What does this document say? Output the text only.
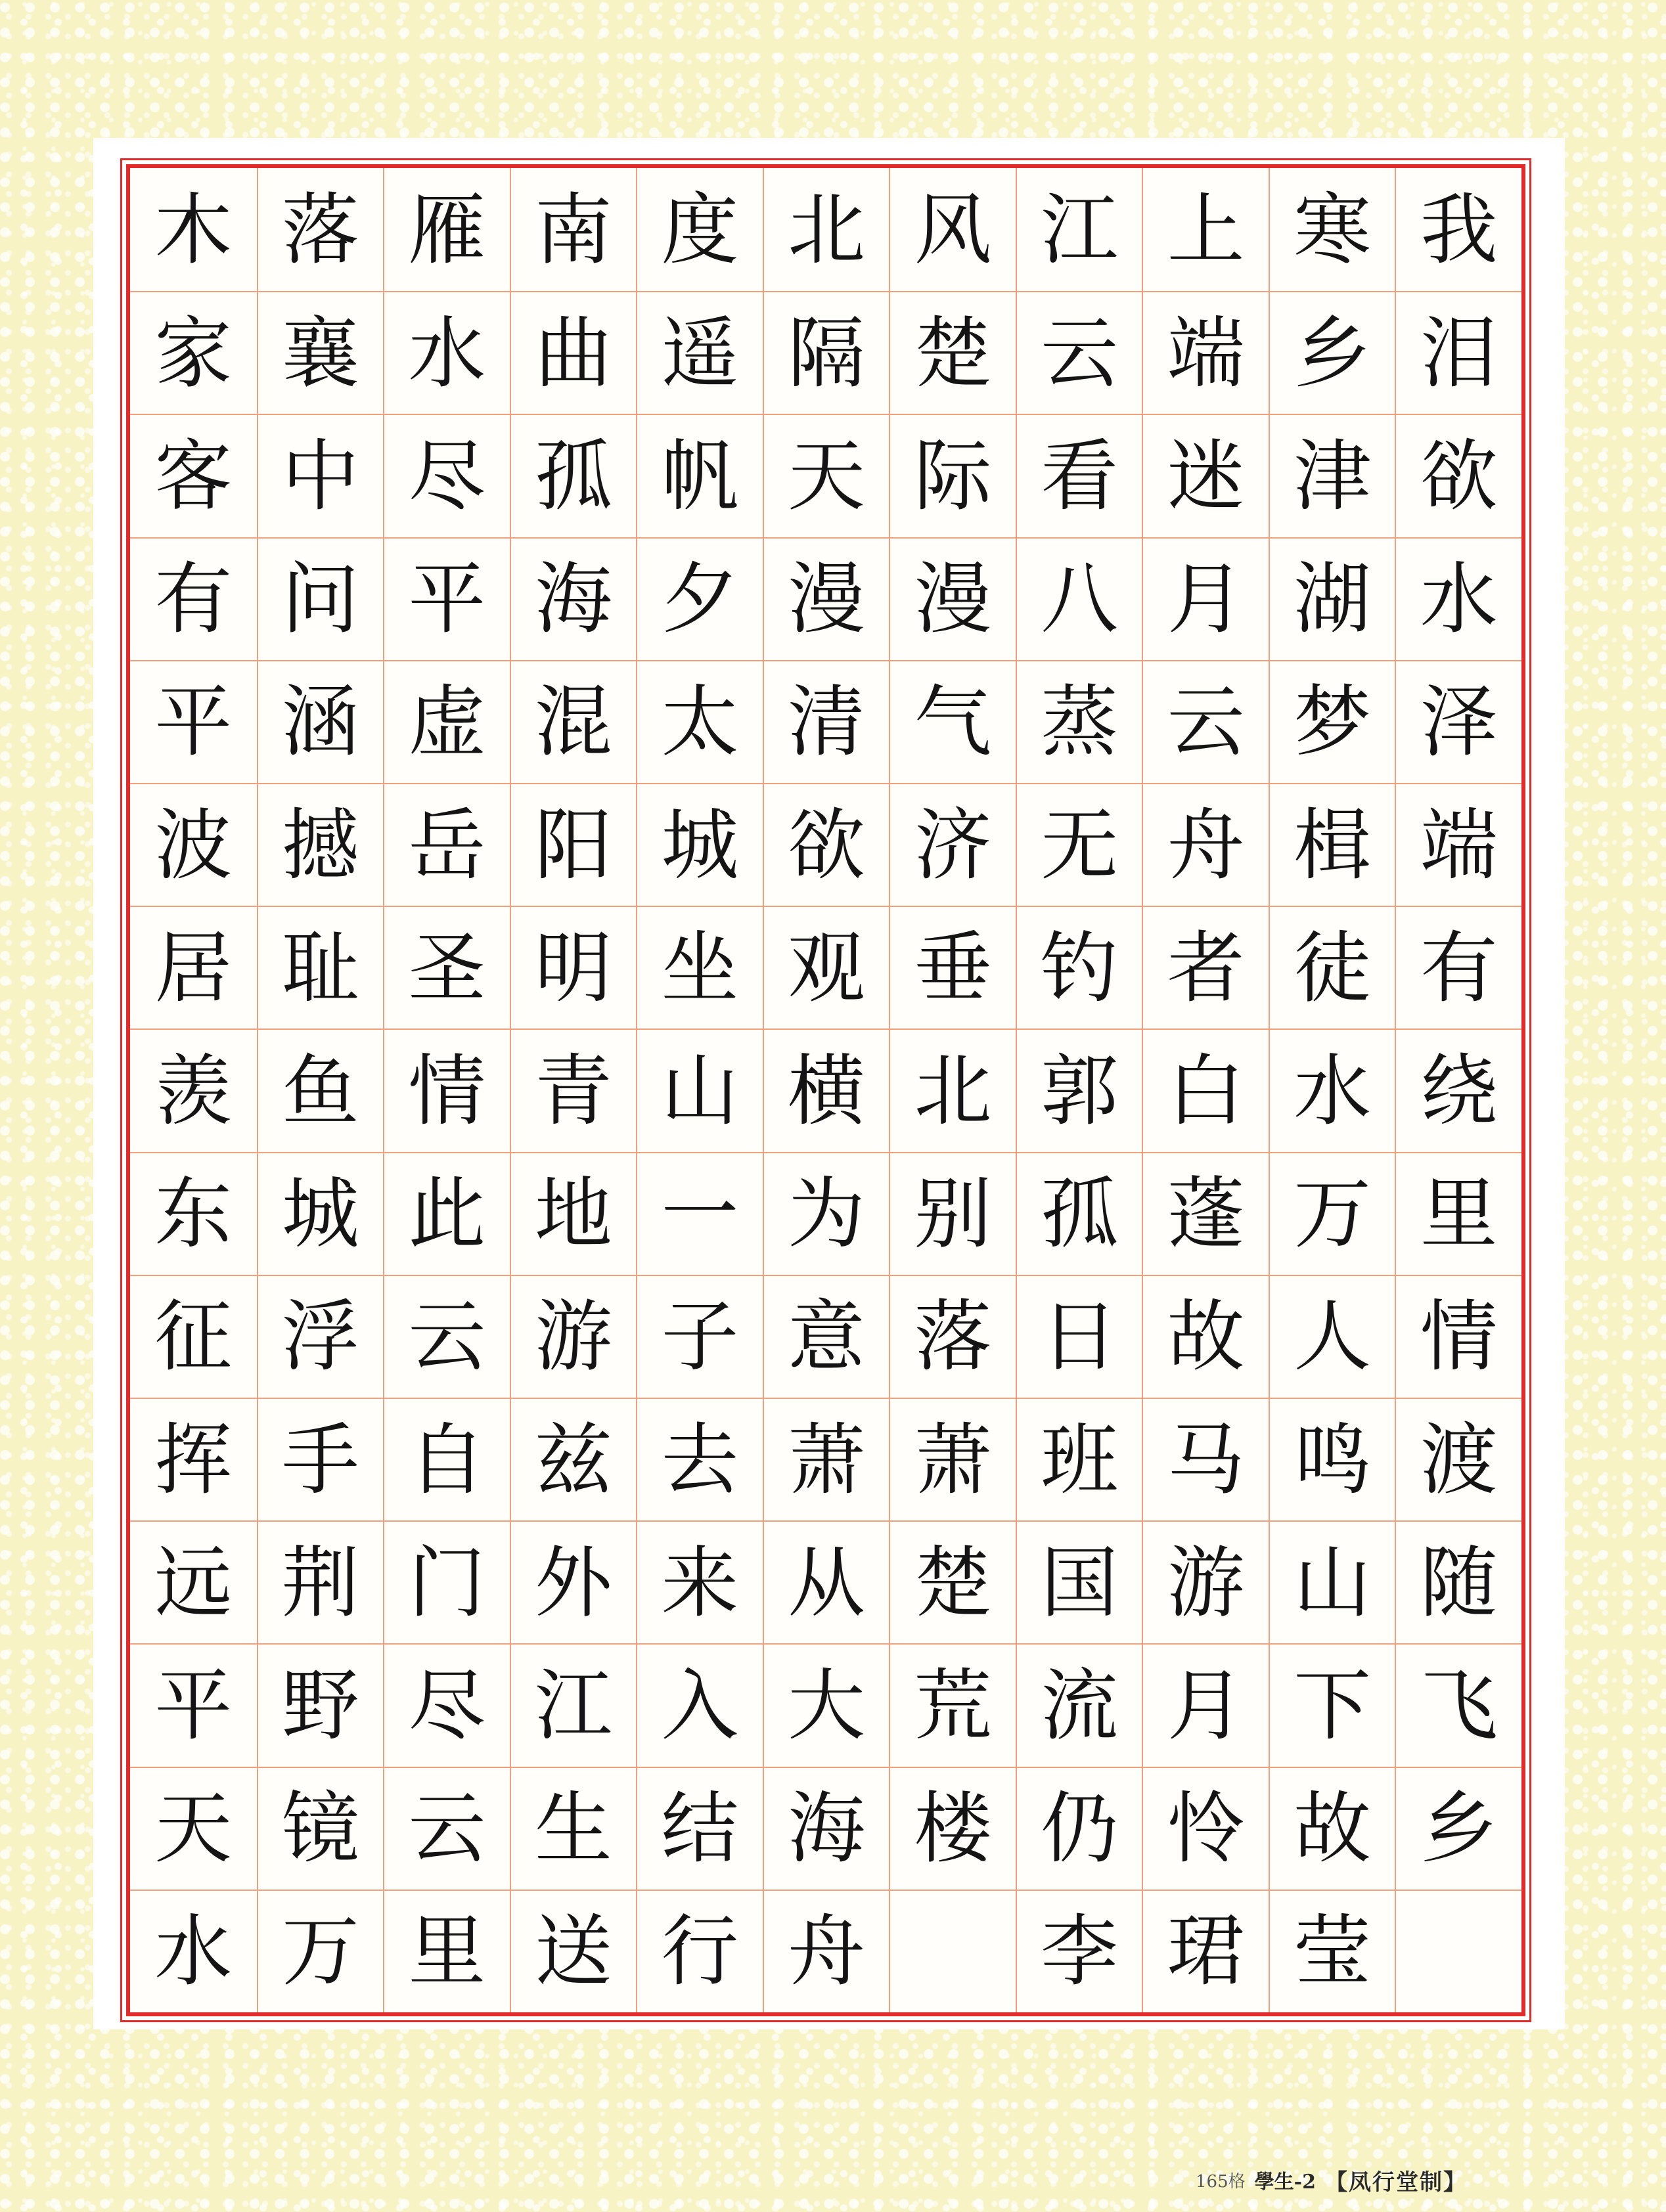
我
泪
欲
水
泽
端
有
绕
里
情
渡
随
飞
乡
寒
乡
津
湖
梦
楫
徒
水
万
人
鸣
山
下
故
莹
上
端
迷
月
云
舟
者
白
蓬
故
马
游
月
怜
珺
江
云
看
八
蒸
无
钓
郭
孤
日
班
国
流
仍
李
风
楚
际
漫
气
济
垂
北
别
落
萧
楚
荒
楼
北
隔
天
漫
清
欲
观
横
为
意
萧
从
大
海
舟
度
遥
帆
夕
太
城
坐
山
一
子
去
来
入
结
行
南
曲
孤
海
混
阳
明
青
地
游
兹
外
江
生
送
雁
水
尽
平
虚
岳
圣
情
此
云
自
门
尽
云
里
落
襄
中
问
涵
撼
耻
鱼
城
浮
手
荆
野
镜
万
木
家
客
有
平
波
居
羡
东
征
挥
远
平
天
水
165格 學生-2 【凤行堂制】
